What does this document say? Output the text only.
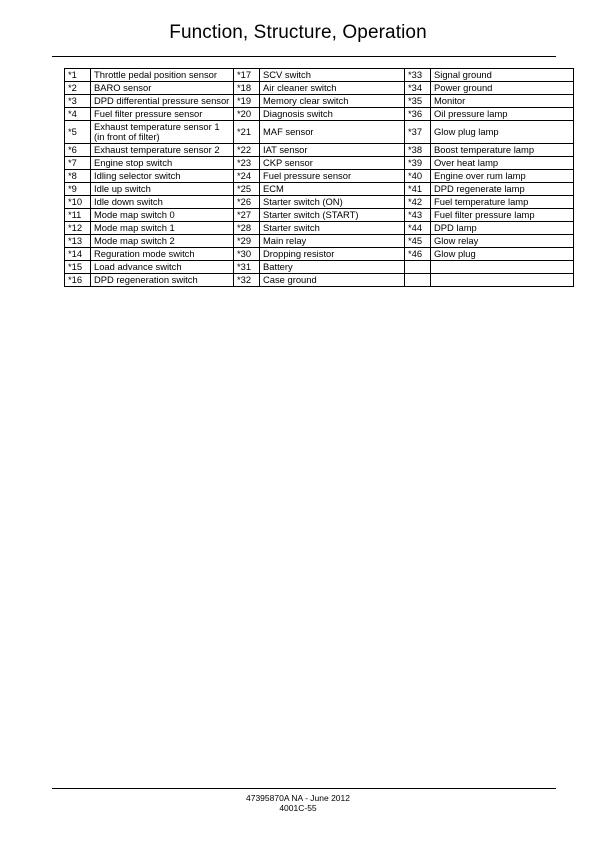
Function, Structure, Operation
*1	Throttle pedal position sensor	*17	SCV switch	*33	Signal ground
*2	BARO sensor	*18	Air cleaner switch	*34	Power ground
*3	DPD differential pressure sensor	*19	Memory clear switch	*35	Monitor
*4	Fuel filter pressure sensor	*20	Diagnosis switch	*36	Oil pressure lamp
*5	Exhaust temperature sensor 1 (in front of filter)	*21	MAF sensor	*37	Glow plug lamp
*6	Exhaust temperature sensor 2	*22	IAT sensor	*38	Boost temperature lamp
*7	Engine stop switch	*23	CKP sensor	*39	Over heat lamp
*8	Idling selector switch	*24	Fuel pressure sensor	*40	Engine over rum lamp
*9	Idle up switch	*25	ECM	*41	DPD regenerate lamp
*10	Idle down switch	*26	Starter switch (ON)	*42	Fuel temperature lamp
*11	Mode map switch 0	*27	Starter switch (START)	*43	Fuel filter pressure lamp
*12	Mode map switch 1	*28	Starter switch	*44	DPD lamp
*13	Mode map switch 2	*29	Main relay	*45	Glow relay
*14	Reguration mode switch	*30	Dropping resistor	*46	Glow plug
*15	Load advance switch	*31	Battery		
*16	DPD regeneration switch	*32	Case ground		
47395870A NA - June 2012
4001C-55
